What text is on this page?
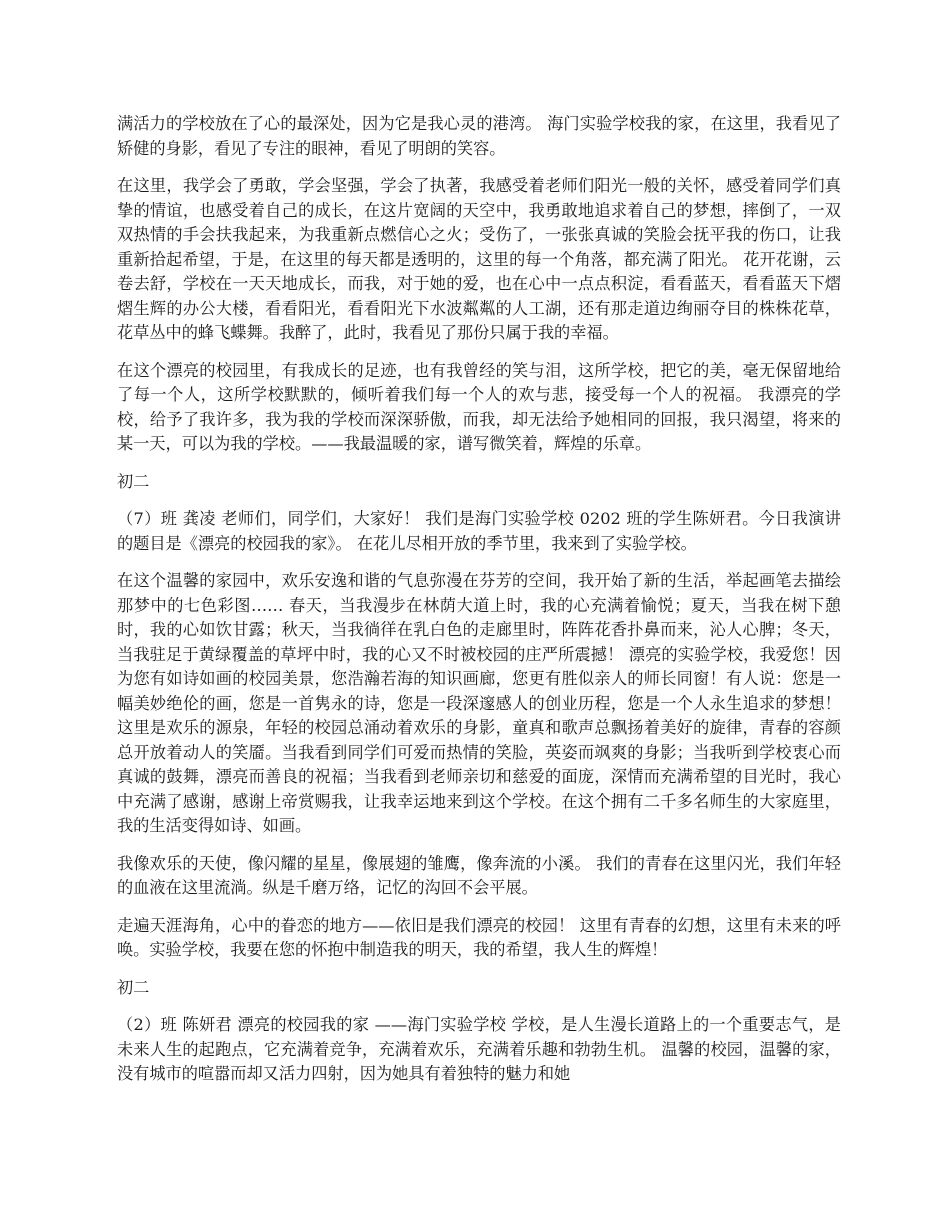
满活力的学校放在了心的最深处，因为它是我心灵的港湾。 海门实验学校我的家，在这里，我看见了矫健的身影，看见了专注的眼神，看见了明朗的笑容。

在这里，我学会了勇敢，学会坚强，学会了执著，我感受着老师们阳光一般的关怀，感受着同学们真挚的情谊，也感受着自己的成长，在这片宽阔的天空中，我勇敢地追求着自己的梦想，摔倒了，一双双热情的手会扶我起来，为我重新点燃信心之火；受伤了，一张张真诚的笑脸会抚平我的伤口，让我重新拾起希望，于是，在这里的每天都是透明的，这里的每一个角落，都充满了阳光。 花开花谢，云卷去舒，学校在一天天地成长，而我，对于她的爱，也在心中一点点积淀，看看蓝天，看看蓝天下熠熠生辉的办公大楼，看看阳光，看看阳光下水波粼粼的人工湖，还有那走道边绚丽夺目的株株花草，花草丛中的蜂飞蝶舞。我醉了，此时，我看见了那份只属于我的幸福。

在这个漂亮的校园里，有我成长的足迹，也有我曾经的笑与泪，这所学校，把它的美，毫无保留地给了每一个人，这所学校默默的，倾听着我们每一个人的欢与悲，接受每一个人的祝福。 我漂亮的学校，给予了我许多，我为我的学校而深深骄傲，而我，却无法给予她相同的回报，我只渴望，将来的某一天，可以为我的学校。——我最温暖的家，谱写微笑着，辉煌的乐章。

初二

（7）班 龚凌 老师们，同学们，大家好！ 我们是海门实验学校 0202 班的学生陈妍君。今日我演讲的题目是《漂亮的校园我的家》。 在花儿尽相开放的季节里，我来到了实验学校。

在这个温馨的家园中，欢乐安逸和谐的气息弥漫在芬芳的空间，我开始了新的生活，举起画笔去描绘那梦中的七色彩图…… 春天，当我漫步在林荫大道上时，我的心充满着愉悦；夏天，当我在树下憩时，我的心如饮甘露；秋天，当我徜徉在乳白色的走廊里时，阵阵花香扑鼻而来，沁人心脾；冬天，当我驻足于黄绿覆盖的草坪中时，我的心又不时被校园的庄严所震撼！ 漂亮的实验学校，我爱您！因为您有如诗如画的校园美景，您浩瀚若海的知识画廊，您更有胜似亲人的师长同窗！有人说：您是一幅美妙绝伦的画，您是一首隽永的诗，您是一段深邃感人的创业历程，您是一个人永生追求的梦想！ 这里是欢乐的源泉，年轻的校园总涌动着欢乐的身影，童真和歌声总飘扬着美好的旋律，青春的容颜总开放着动人的笑靥。当我看到同学们可爱而热情的笑脸，英姿而飒爽的身影；当我听到学校衷心而真诚的鼓舞，漂亮而善良的祝福；当我看到老师亲切和慈爱的面庞，深情而充满希望的目光时，我心中充满了感谢，感谢上帝赏赐我，让我幸运地来到这个学校。在这个拥有二千多名师生的大家庭里，我的生活变得如诗、如画。

我像欢乐的天使，像闪耀的星星，像展翅的雏鹰，像奔流的小溪。 我们的青春在这里闪光，我们年轻的血液在这里流淌。纵是千磨万络，记忆的沟回不会平展。

走遍天涯海角，心中的眷恋的地方——依旧是我们漂亮的校园！ 这里有青春的幻想，这里有未来的呼唤。实验学校，我要在您的怀抱中制造我的明天，我的希望，我人生的辉煌！

初二

（2）班 陈妍君 漂亮的校园我的家 ——海门实验学校 学校，是人生漫长道路上的一个重要志气，是未来人生的起跑点，它充满着竞争，充满着欢乐，充满着乐趣和勃勃生机。 温馨的校园，温馨的家，没有城市的喧嚣而却又活力四射，因为她具有着独特的魅力和她
